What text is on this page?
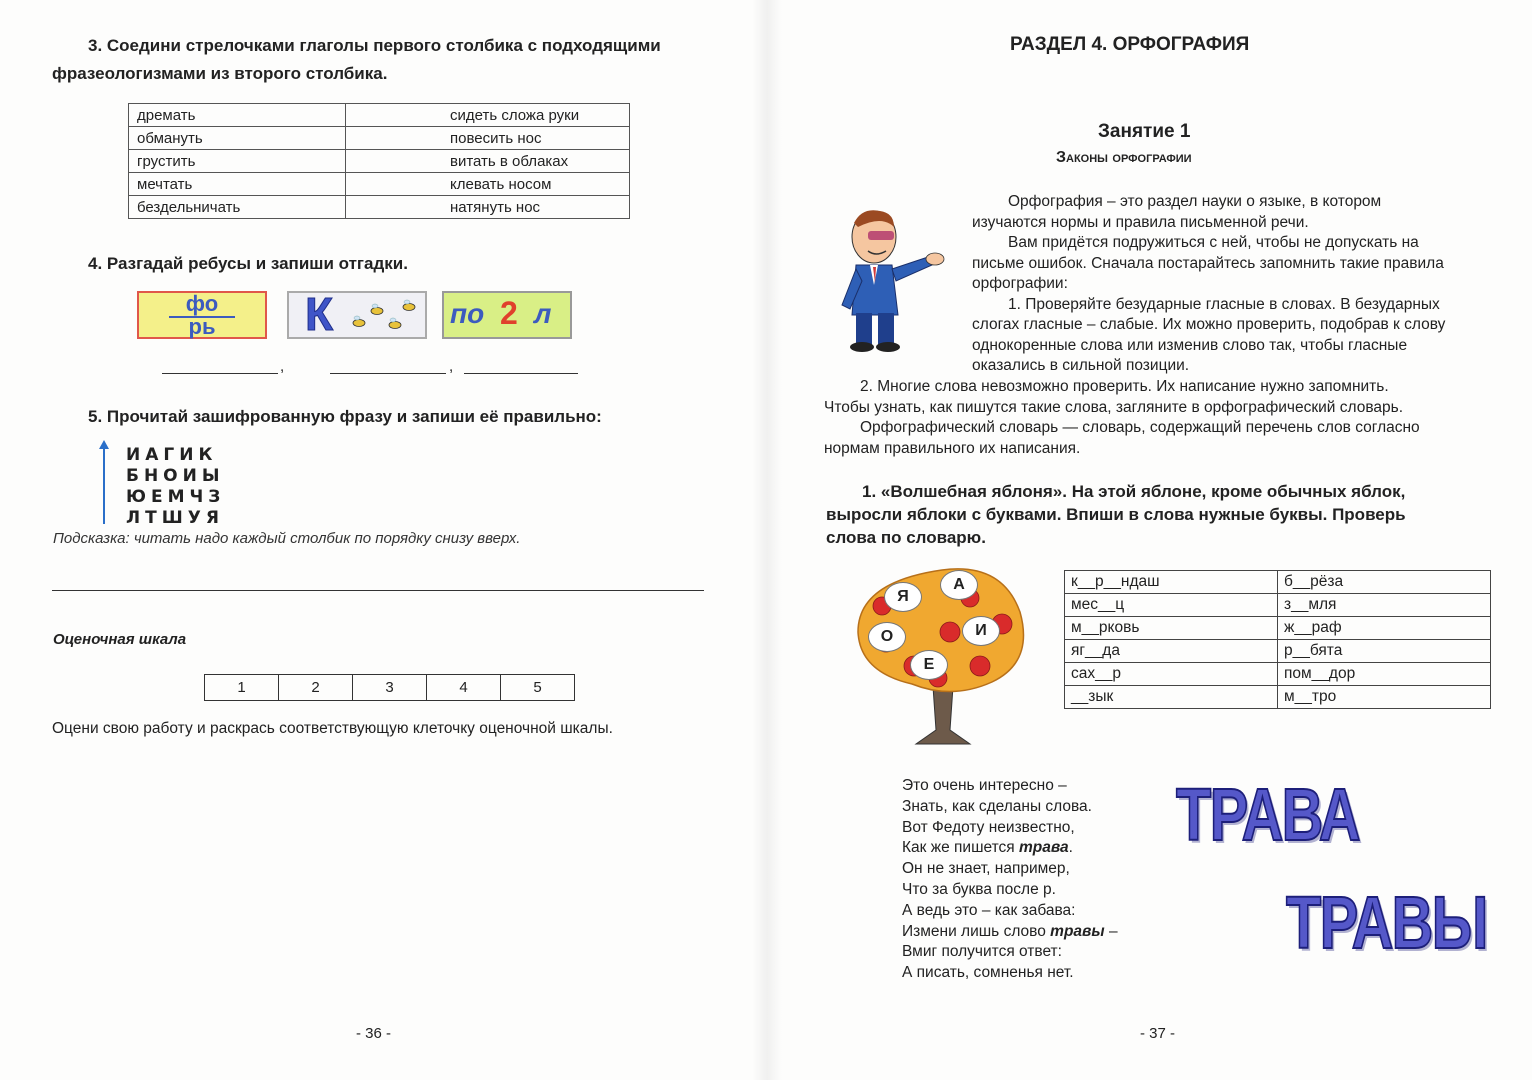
3. Соедини стрелочками глаголы первого столбика с подходящими
фразеологизмами из второго столбика.
дремать	сидеть сложа руки
обмануть	повесить нос
грустить	витать в облаках
мечтать	клевать носом
бездельничать	натянуть нос
4. Разгадай ребусы и запиши отгадки.
фо
рь	К	по 2 л
,	,
5. Прочитай зашифрованную фразу и запиши её правильно:
ИАГИК
БНОИЫ
ЮЕМЧЗ
ЛТШУЯ
Подсказка: читать надо каждый столбик по порядку снизу вверх.
Оценочная шкала
1	2	3	4	5
Оцени свою работу и раскрась соответствующую клеточку оценочной шкалы.
- 36 -
РАЗДЕЛ 4. ОРФОГРАФИЯ
Занятие 1
Законы орфографии
Орфография – это раздел науки о языке, в котором
изучаются нормы и правила письменной речи.
Вам придётся подружиться с ней, чтобы не допускать на
письме ошибок. Сначала постарайтесь запомнить такие правила
орфографии:
1. Проверяйте безударные гласные в словах. В безударных
слогах гласные – слабые. Их можно проверить, подобрав к слову
однокоренные слова или изменив слово так, чтобы гласные
оказались в сильной позиции.
2. Многие слова невозможно проверить. Их написание нужно запомнить.
Чтобы узнать, как пишутся такие слова, загляните в орфографический словарь.
Орфографический словарь — словарь, содержащий перечень слов согласно
нормам правильного их написания.
1. «Волшебная яблоня». На этой яблоне, кроме обычных яблок,
выросли яблоки с буквами. Впиши в слова нужные буквы. Проверь
слова по словарю.
Я
А
О	И
Е
к__р__ндаш	б__рёза
мес__ц	з__мля
м__рковь	ж__раф
яг__да	р__бята
сах__р	пом__дор
__зык	м__тро
Это очень интересно –
Знать, как сделаны слова.
Вот Федоту неизвестно,
Как же пишется трава.
Он не знает, например,
Что за буква после р.
А ведь это – как забава:
Измени лишь слово травы –
Вмиг получится ответ:
А писать, сомненья нет.
ТРАВА
ТРАВЫ
- 37 -
